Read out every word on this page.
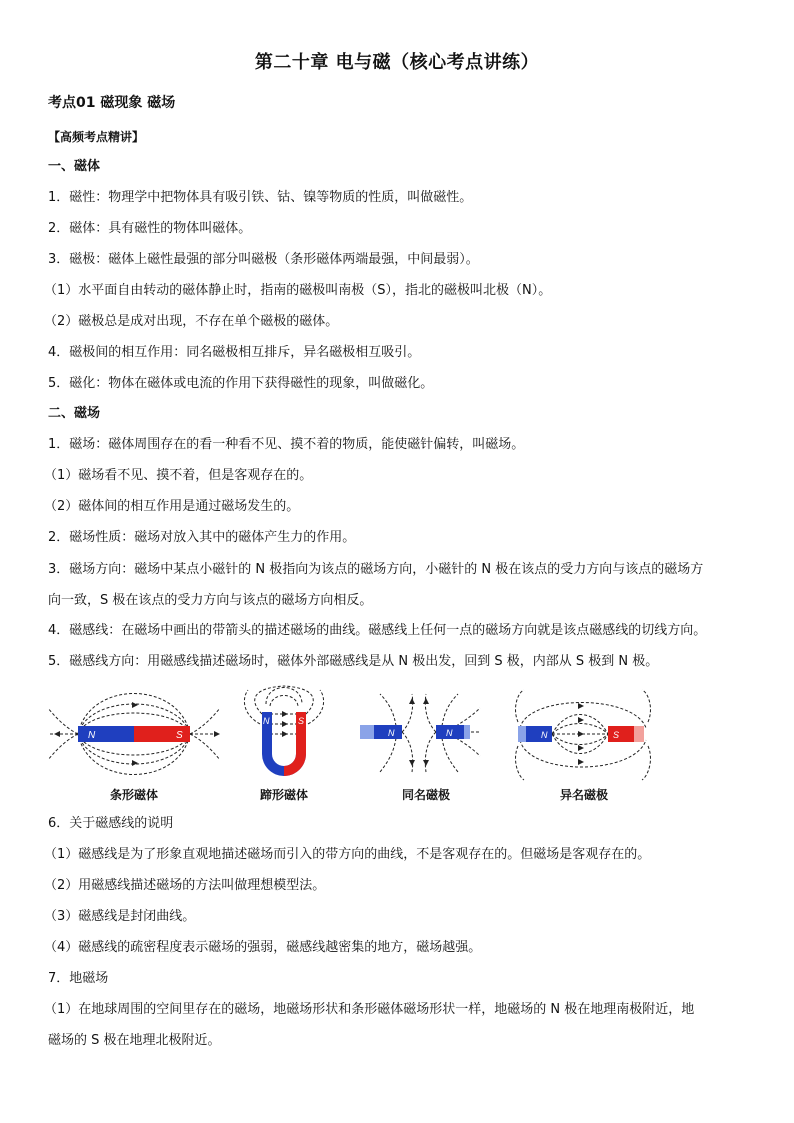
第二十章 电与磁（核心考点讲练）
考点01 磁现象 磁场
【高频考点精讲】
一、磁体
1．磁性：物理学中把物体具有吸引铁、钴、镍等物质的性质，叫做磁性。
2．磁体：具有磁性的物体叫磁体。
3．磁极：磁体上磁性最强的部分叫磁极（条形磁体两端最强，中间最弱）。
（1）水平面自由转动的磁体静止时，指南的磁极叫南极（S），指北的磁极叫北极（N）。
（2）磁极总是成对出现，不存在单个磁极的磁体。
4．磁极间的相互作用：同名磁极相互排斥，异名磁极相互吸引。
5．磁化：物体在磁体或电流的作用下获得磁性的现象，叫做磁化。
二、磁场
1．磁场：磁体周围存在的看一种看不见、摸不着的物质，能使磁针偏转，叫磁场。
（1）磁场看不见、摸不着，但是客观存在的。
（2）磁体间的相互作用是通过磁场发生的。
2．磁场性质：磁场对放入其中的磁体产生力的作用。
3．磁场方向：磁场中某点小磁针的 N 极指向为该点的磁场方向，小磁针的 N 极在该点的受力方向与该点的磁场方
向一致，S 极在该点的受力方向与该点的磁场方向相反。
4．磁感线：在磁场中画出的带箭头的描述磁场的曲线。磁感线上任何一点的磁场方向就是该点磁感线的切线方向。
5．磁感线方向：用磁感线描述磁场时，磁体外部磁感线是从 N 极出发，回到 S 极，内部从 S 极到 N 极。
N	S
条形磁体
N	S
蹄形磁体
N	N
同名磁极
N	S
异名磁极
6．关于磁感线的说明
（1）磁感线是为了形象直观地描述磁场而引入的带方向的曲线，不是客观存在的。但磁场是客观存在的。
（2）用磁感线描述磁场的方法叫做理想模型法。
（3）磁感线是封闭曲线。
（4）磁感线的疏密程度表示磁场的强弱，磁感线越密集的地方，磁场越强。
7．地磁场
（1）在地球周围的空间里存在的磁场，地磁场形状和条形磁体磁场形状一样，地磁场的 N 极在地理南极附近，地
磁场的 S 极在地理北极附近。
